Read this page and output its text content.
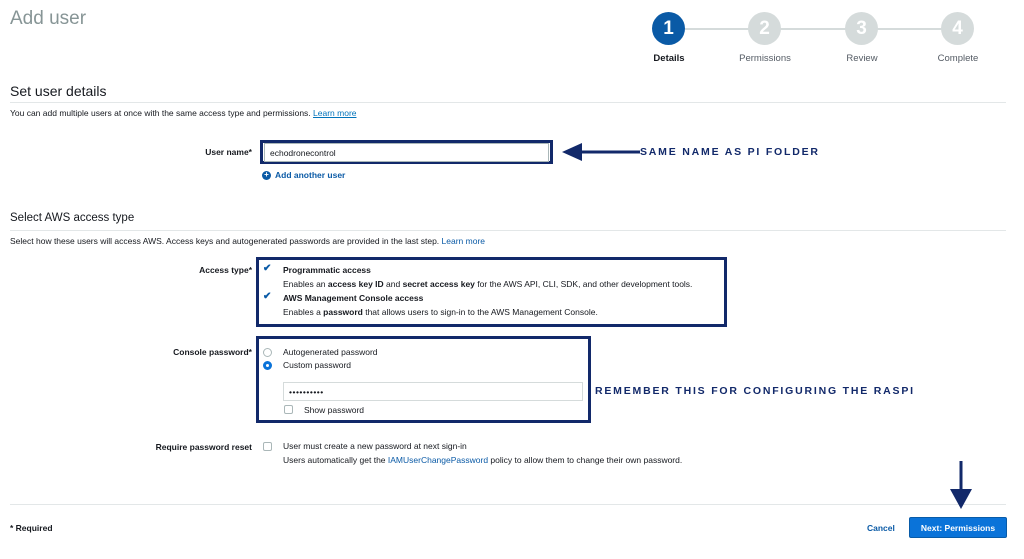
Add user	1	2	3	4
Details	Permissions	Review	Complete
Set user details
You can add multiple users at once with the same access type and permissions. Learn more
User name*	echodronecontrol	SAME NAME AS PI FOLDER
+ Add another user
Select AWS access type
Select how these users will access AWS. Access keys and autogenerated passwords are provided in the last step. Learn more
Access type* ✔ Programmatic access
Enables an access key ID and secret access key for the AWS API, CLI, SDK, and other development tools.
✔ AWS Management Console access
Enables a password that allows users to sign-in to the AWS Management Console.
Console password*	Autogenerated password
Custom password
••••••••••
Show password
REMEMBER THIS FOR CONFIGURING THE RASPI
Require password reset	User must create a new password at next sign-in
Users automatically get the IAMUserChangePassword policy to allow them to change their own password.
* Required	Cancel	Next: Permissions
